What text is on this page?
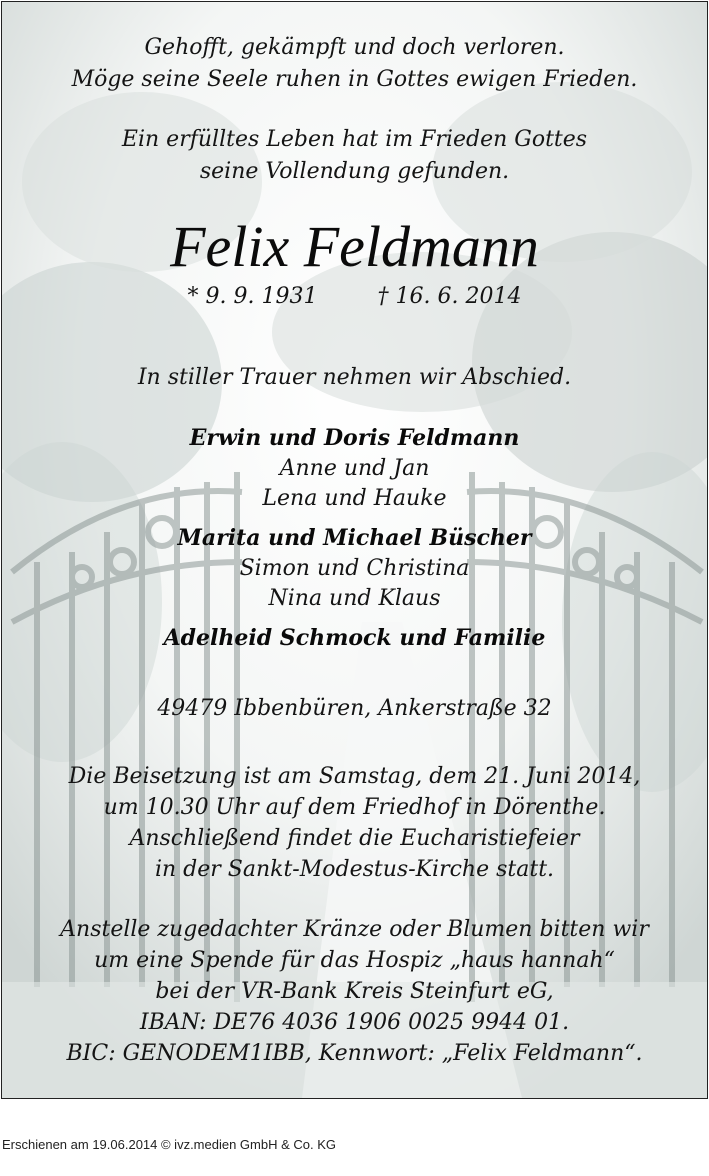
Gehofft, gekämpft und doch verloren.
Möge seine Seele ruhen in Gottes ewigen Frieden.
Ein erfülltes Leben hat im Frieden Gottes
seine Vollendung gefunden.
Felix Feldmann
* 9. 9. 1931	† 16. 6. 2014
In stiller Trauer nehmen wir Abschied.
Erwin und Doris Feldmann
Anne und Jan
Lena und Hauke
Marita und Michael Büscher
Simon und Christina
Nina und Klaus
Adelheid Schmock und Familie
49479 Ibbenbüren, Ankerstraße 32
Die Beisetzung ist am Samstag, dem 21. Juni 2014,
um 10.30 Uhr auf dem Friedhof in Dörenthe.
Anschließend findet die Eucharistiefeier
in der Sankt-Modestus-Kirche statt.
Anstelle zugedachter Kränze oder Blumen bitten wir
um eine Spende für das Hospiz „haus hannah“
bei der VR-Bank Kreis Steinfurt eG,
IBAN: DE76 4036 1906 0025 9944 01.
BIC: GENODEM1IBB, Kennwort: „Felix Feldmann“.
Erschienen am 19.06.2014 © ivz.medien GmbH & Co. KG
